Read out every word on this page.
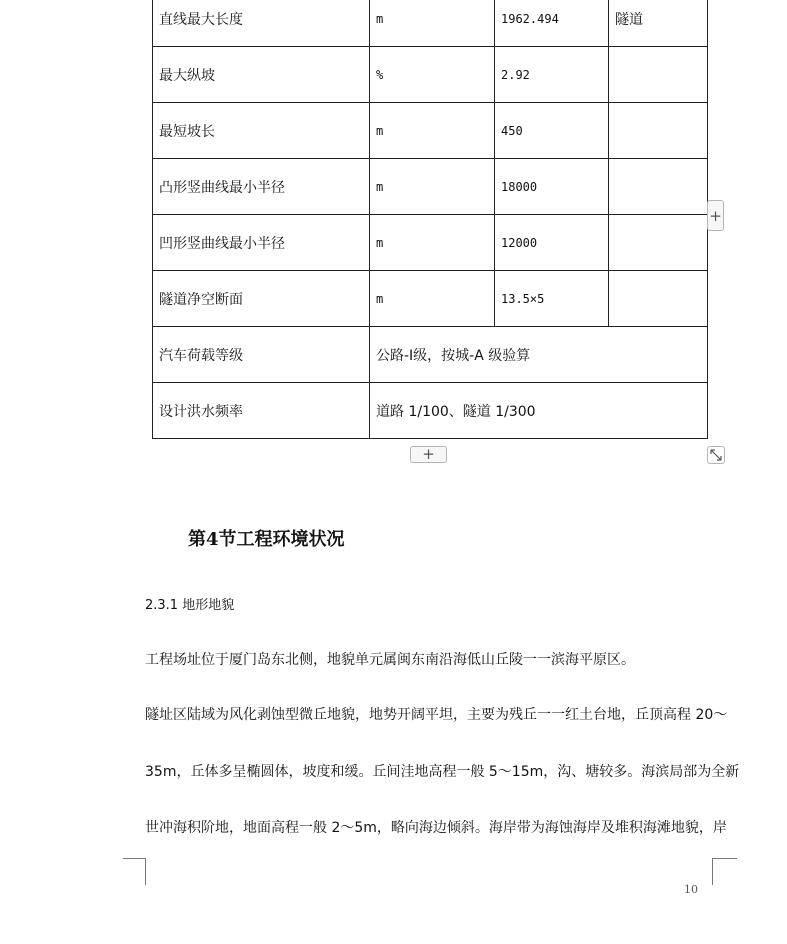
直线最大长度	m	1962.494	隧道
最大纵坡	%	2.92	
最短坡长	m	450	
凸形竖曲线最小半径	m	18000	
凹形竖曲线最小半径	m	12000	
隧道净空断面	m	13.5×5	
汽车荷载等级	公路-Ⅰ级，按城-A 级验算		
设计洪水频率	道路 1/100、隧道 1/300		
+
+
第4节工程环境状况
2.3.1 地形地貌
工程场址位于厦门岛东北侧，地貌单元属闽东南沿海低山丘陵一一滨海平原区。
隧址区陆域为风化剥蚀型微丘地貌，地势开阔平坦，主要为残丘一一红土台地，丘顶高程 20～
35m，丘体多呈椭圆体，坡度和缓。丘间洼地高程一般 5～15m，沟、塘较多。海滨局部为全新
世冲海积阶地，地面高程一般 2～5m，略向海边倾斜。海岸带为海蚀海岸及堆积海滩地貌，岸
10
